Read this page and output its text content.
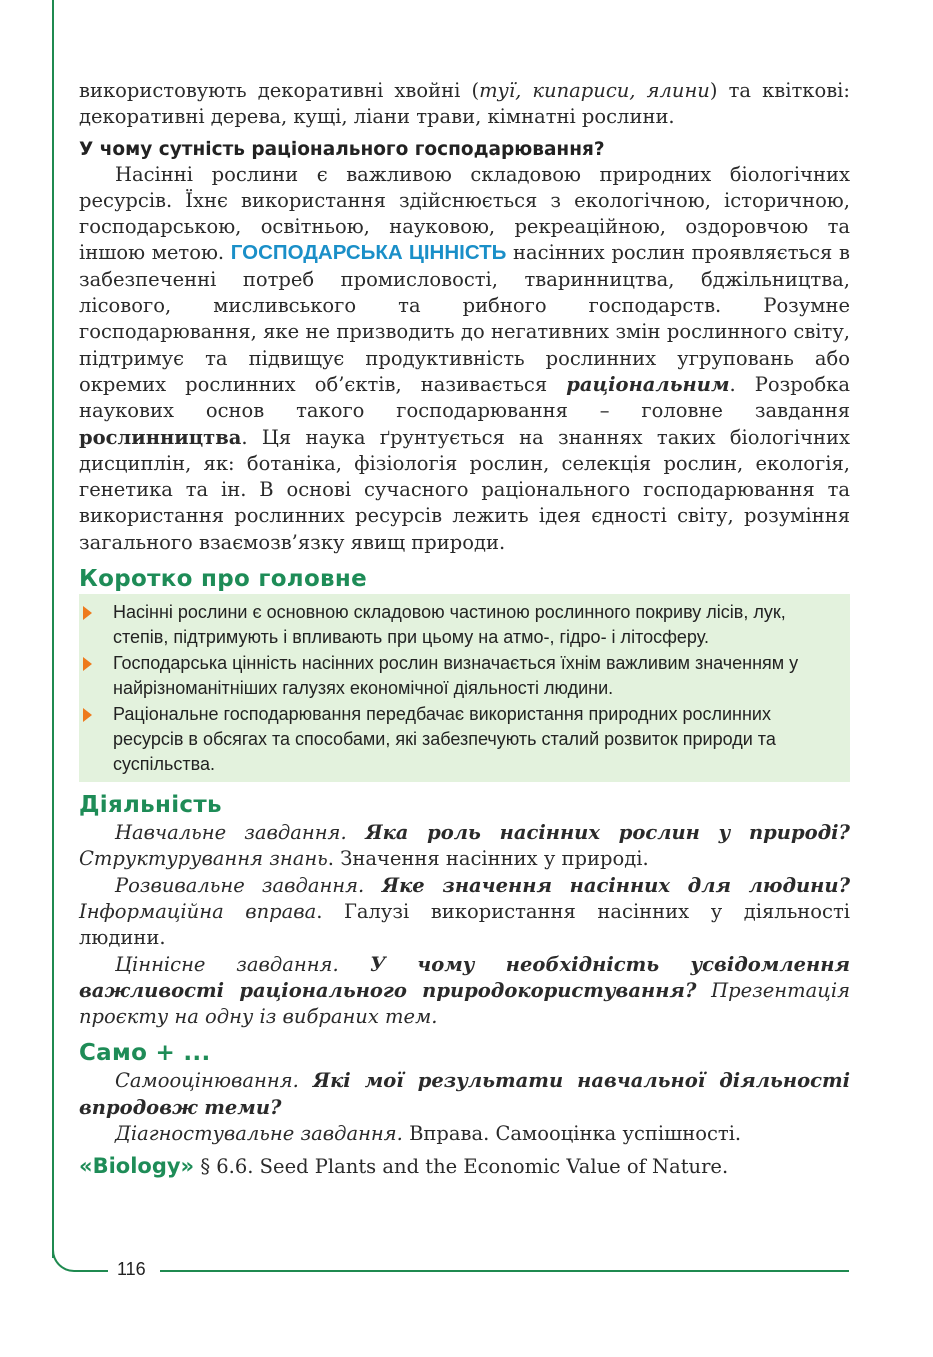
116

використовують декоративні хвойні (туї, кипариси, ялини) та квіткові: декоративні дерева, кущі, ліани трави, кімнатні рослини.

У чому сутність раціонального господарювання?

Насінні рослини є важливою складовою природних біологічних ресурсів. Їхнє використання здійснюється з екологічною, історичною, господарською, освітньою, науковою, рекреаційною, оздоровчою та іншою метою. ГОСПОДАРСЬКА ЦІННІСТЬ насінних рослин проявляється в забезпеченні потреб промисловості, тваринництва, бджільництва, лісового, мисливського та рибного господарств. Розумне господарювання, яке не призводить до негативних змін рослинного світу, підтримує та підвищує продуктивність рослинних угруповань або окремих рослинних об’єктів, називається раціональним. Розробка наукових основ такого господарювання – головне завдання рослинництва. Ця наука ґрунтується на знаннях таких біологічних дисциплін, як: ботаніка, фізіологія рослин, селекція рослин, екологія, генетика та ін. В основі сучасного раціонального господарювання та використання рослинних ресурсів лежить ідея єдності світу, розуміння загального взаємозв’язку явищ природи.

Коротко про головне
Насінні рослини є основною складовою частиною рослинного покриву лісів, лук, степів, підтримують і впливають при цьому на атмо-, гідро- і літосферу.
Господарська цінність насінних рослин визначається їхнім важливим значенням у найрізноманітніших галузях економічної діяльності людини.
Раціональне господарювання передбачає використання природних рослинних ресурсів в обсягах та способами, які забезпечують сталий розвиток природи та суспільства.
Діяльність

Навчальне завдання. Яка роль насінних рослин у природі? Структурування знань. Значення насінних у природі.

Розвивальне завдання. Яке значення насінних для людини? Інформаційна вправа. Галузі використання насінних у діяльності людини.

Ціннісне завдання. У чому необхідність усвідомлення важливості раціонального природокористування? Презентація проєкту на одну із вибраних тем.

Само + ...

Самооцінювання. Які мої результати навчальної діяльності впродовж теми?

Діагностувальне завдання. Вправа. Самооцінка успішності.

«Biology» § 6.6. Seed Plants and the Economic Value of Nature.
